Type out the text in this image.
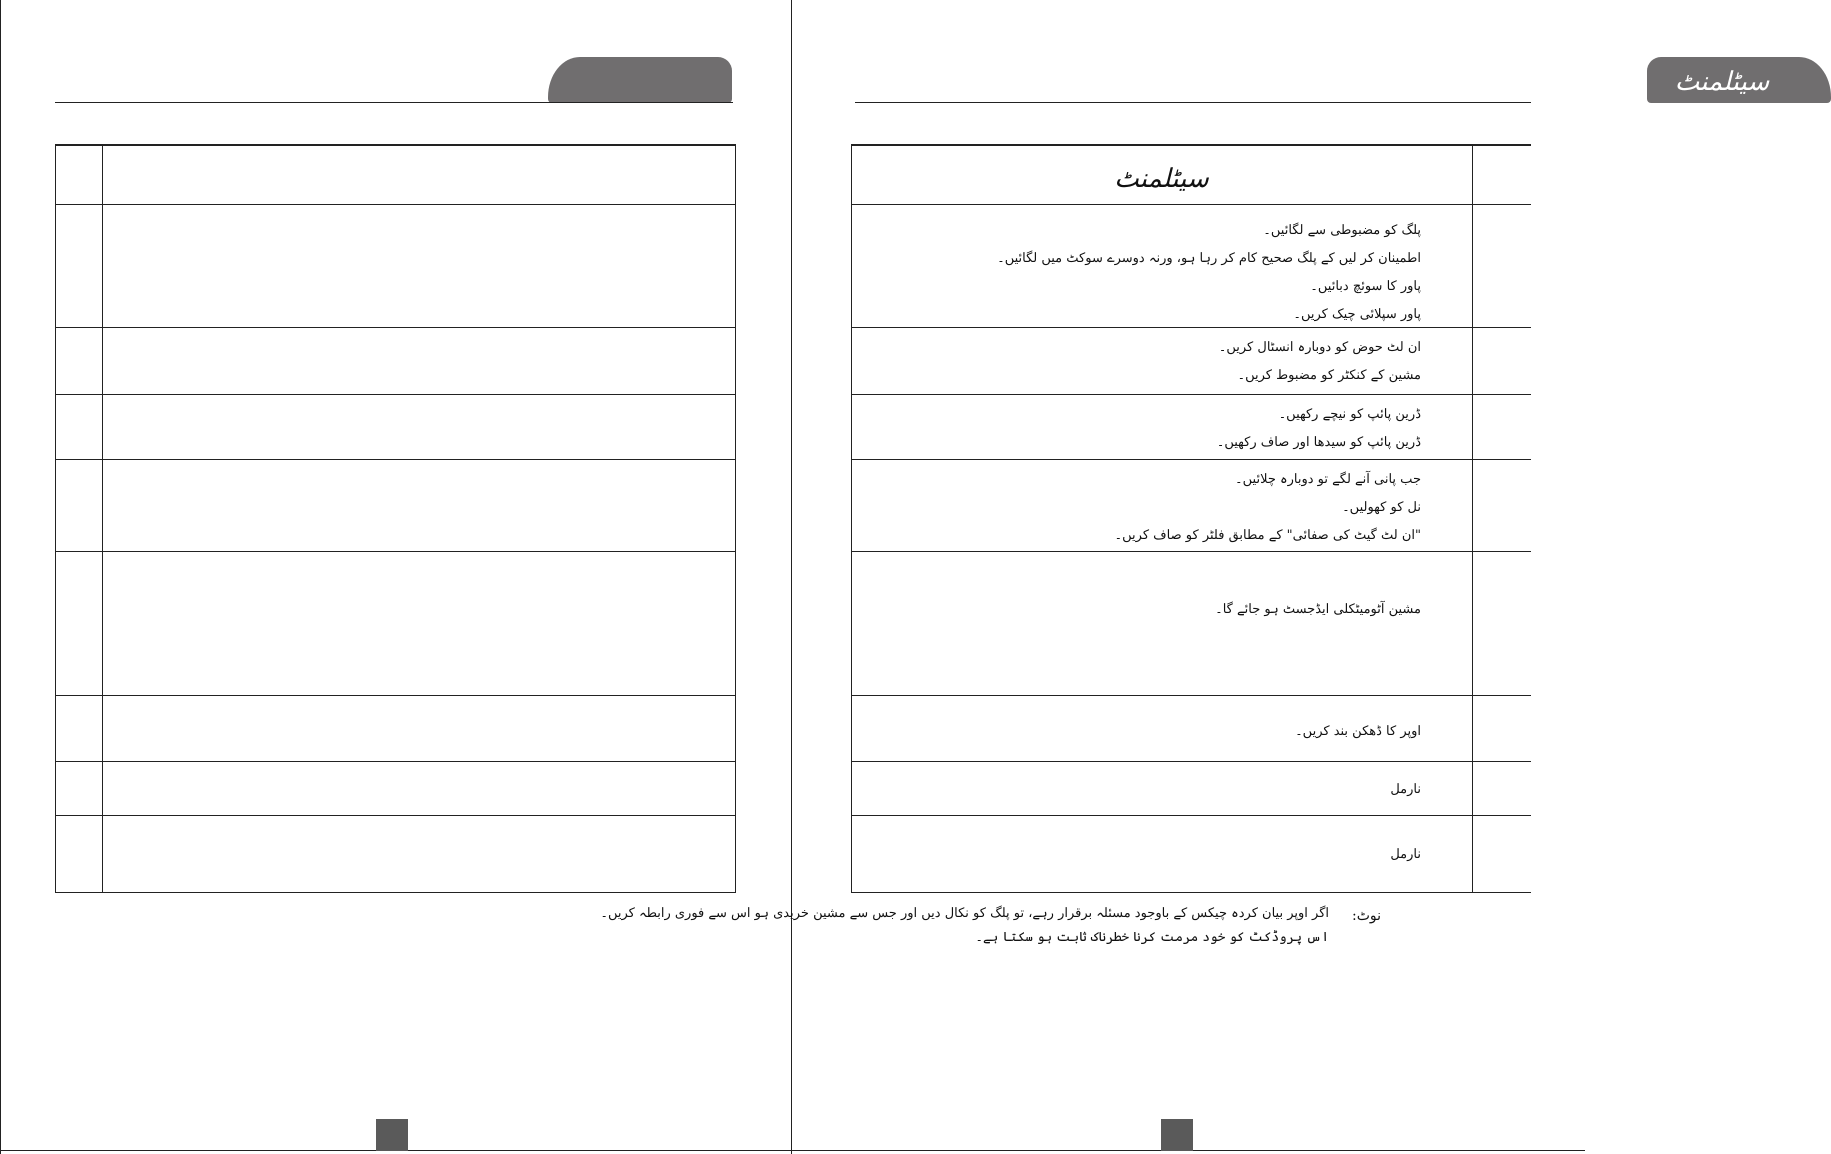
سیٹلمنٹ
سیٹلمنٹ
پلگ کو مضبوطی سے لگائیں۔
اطمینان کر لیں کے پلگ صحیح کام کر رہا ہو، ورنہ دوسرے سوکٹ میں لگائیں۔
پاور کا سوئچ دبائیں۔
پاور سپلائی چیک کریں۔
ان لٹ حوض کو دوبارہ انسٹال کریں۔
مشین کے کنکٹر کو مضبوط کریں۔
ڈرین پائپ کو نیچے رکھیں۔
ڈرین پائپ کو سیدھا اور صاف رکھیں۔
جب پانی آنے لگے تو دوبارہ چلائیں۔
نل کو کھولیں۔
"ان لٹ گیٹ کی صفائی" کے مطابق فلٹر کو صاف کریں۔
مشین آٹومیٹکلی ایڈجسٹ ہو جائے گا۔
اوپر کا ڈھکن بند کریں۔
نارمل
نارمل
نوٹ:
اگر اوپر بیان کردہ چیکس کے باوجود مسئلہ برقرار رہے، تو پلگ کو نکال دیں اور جس سے مشین خریدی ہو اس سے فوری رابطہ کریں۔
اس پروڈکٹ کو خود مرمت کرنا خطرناک ثابت ہو سکتا ہے۔
